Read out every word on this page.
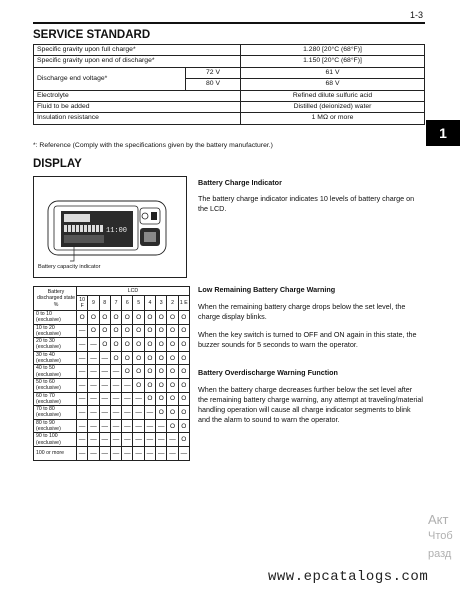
1-3
SERVICE STANDARD
Specific gravity upon full charge*		1.280 [20°C (68°F)]
Specific gravity upon end of discharge*		1.150 [20°C (68°F)]
Discharge end voltage*	72 V	61 V
	80 V	68 V
Electrolyte		Refined dilute sulfuric acid
Fluid to be added		Distilled (deionized) water
Insulation resistance		1 MΩ or more
*: Reference (Comply with the specifications given by the battery manufacturer.)
1
DISPLAY
11:00
Battery capacity indicator
Battery Charge Indicator
The battery charge indicator indicates 10 levels of battery charge on the LCD.
Low Remaining Battery Charge Warning
When the remaining battery charge drops below the set level, the charge display blinks.
When the key switch is turned to OFF and ON again in this state, the buzzer sounds for 5 seconds to warn the operator.
Battery Overdischarge Warning Function
When the battery charge decreases further below the set level after the remaining battery charge warning, any attempt at traveling/material handling operation will cause all charge indicator segments to blink and the alarm to sound to warn the operator.
Battery discharged state %	LCD									
	10 F	9	8	7	6	5	4	3	2	1 E
0 to 10 (exclusive)	O	O	O	O	O	O	O	O	O	O
10 to 20 (exclusive)	—	O	O	O	O	O	O	O	O	O
20 to 30 (exclusive)	—	—	O	O	O	O	O	O	O	O
30 to 40 (exclusive)	—	—	—	O	O	O	O	O	O	O
40 to 50 (exclusive)	—	—	—	—	O	O	O	O	O	O
50 to 60 (exclusive)	—	—	—	—	—	O	O	O	O	O
60 to 70 (exclusive)	—	—	—	—	—	—	O	O	O	O
70 to 80 (exclusive)	—	—	—	—	—	—	—	O	O	O
80 to 90 (exclusive)	—	—	—	—	—	—	—	—	O	O
90 to 100 (exclusive)	—	—	—	—	—	—	—	—	—	O
100 or more	—	—	—	—	—	—	—	—	—	—
Акт
Чтоб
разд
www.epcatalogs.com
